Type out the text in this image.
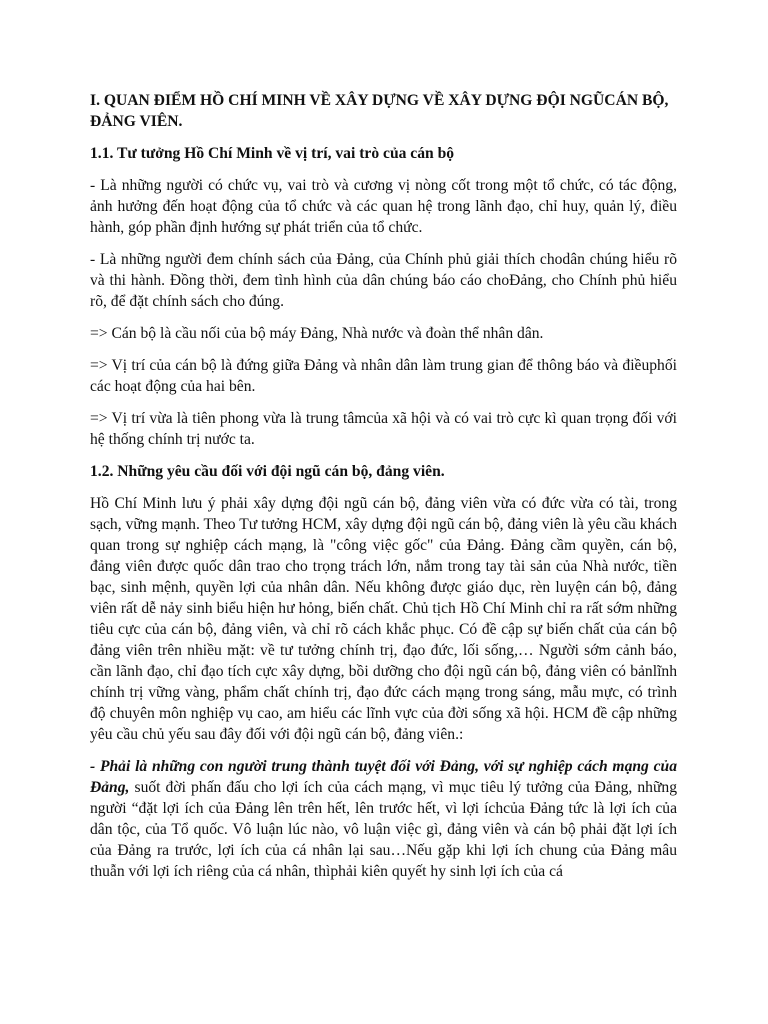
I. QUAN ĐIỂM HỒ CHÍ MINH VỀ XÂY DỰNG VỀ XÂY DỰNG ĐỘI NGŨCÁN BỘ, ĐẢNG VIÊN.
1.1. Tư tưởng Hồ Chí Minh về vị trí, vai trò của cán bộ

- Là những người có chức vụ, vai trò và cương vị nòng cốt trong một tổ chức, có tác động, ảnh hưởng đến hoạt động của tổ chức và các quan hệ trong lãnh đạo, chỉ huy, quản lý, điều hành, góp phần định hướng sự phát triển của tổ chức.

- Là những người đem chính sách của Đảng, của Chính phủ giải thích chodân chúng hiểu rõ và thi hành. Đồng thời, đem tình hình của dân chúng báo cáo choĐảng, cho Chính phủ hiểu rõ, để đặt chính sách cho đúng.

=> Cán bộ là cầu nối của bộ máy Đảng, Nhà nước và đoàn thể nhân dân.

=> Vị trí của cán bộ là đứng giữa Đảng và nhân dân làm trung gian để thông báo và điềuphối các hoạt động của hai bên.

=> Vị trí vừa là tiên phong vừa là trung tâmcủa xã hội và có vai trò cực kì quan trọng đối với hệ thống chính trị nước ta.

1.2. Những yêu cầu đối với đội ngũ cán bộ, đảng viên.

Hồ Chí Minh lưu ý phải xây dựng đội ngũ cán bộ, đảng viên vừa có đức vừa có tài, trong sạch, vững mạnh. Theo Tư tưởng HCM, xây dựng đội ngũ cán bộ, đảng viên là yêu cầu khách quan trong sự nghiệp cách mạng, là "công việc gốc" của Đảng. Đảng cầm quyền, cán bộ, đảng viên được quốc dân trao cho trọng trách lớn, nắm trong tay tài sản của Nhà nước, tiền bạc, sinh mệnh, quyền lợi của nhân dân. Nếu không được giáo dục, rèn luyện cán bộ, đảng viên rất dễ nảy sinh biểu hiện hư hỏng, biến chất. Chủ tịch Hồ Chí Minh chỉ ra rất sớm những tiêu cực của cán bộ, đảng viên, và chỉ rõ cách khắc phục. Có đề cập sự biến chất của cán bộ đảng viên trên nhiều mặt: về tư tưởng chính trị, đạo đức, lối sống,… Người sớm cảnh báo, cần lãnh đạo, chỉ đạo tích cực xây dựng, bồi dưỡng cho đội ngũ cán bộ, đảng viên có bảnlĩnh chính trị vững vàng, phẩm chất chính trị, đạo đức cách mạng trong sáng, mẫu mực, có trình độ chuyên môn nghiệp vụ cao, am hiểu các lĩnh vực của đời sống xã hội. HCM đề cập những yêu cầu chủ yếu sau đây đối với đội ngũ cán bộ, đảng viên.:

- Phải là những con người trung thành tuyệt đối với Đảng, với sự nghiệp cách mạng của Đảng, suốt đời phấn đấu cho lợi ích của cách mạng, vì mục tiêu lý tưởng của Đảng, những người “đặt lợi ích của Đảng lên trên hết, lên trước hết, vì lợi íchcủa Đảng tức là lợi ích của dân tộc, của Tổ quốc. Vô luận lúc nào, vô luận việc gì, đảng viên và cán bộ phải đặt lợi ích của Đảng ra trước, lợi ích của cá nhân lại sau…Nếu gặp khi lợi ích chung của Đảng mâu thuẫn với lợi ích riêng của cá nhân, thìphải kiên quyết hy sinh lợi ích của cá
